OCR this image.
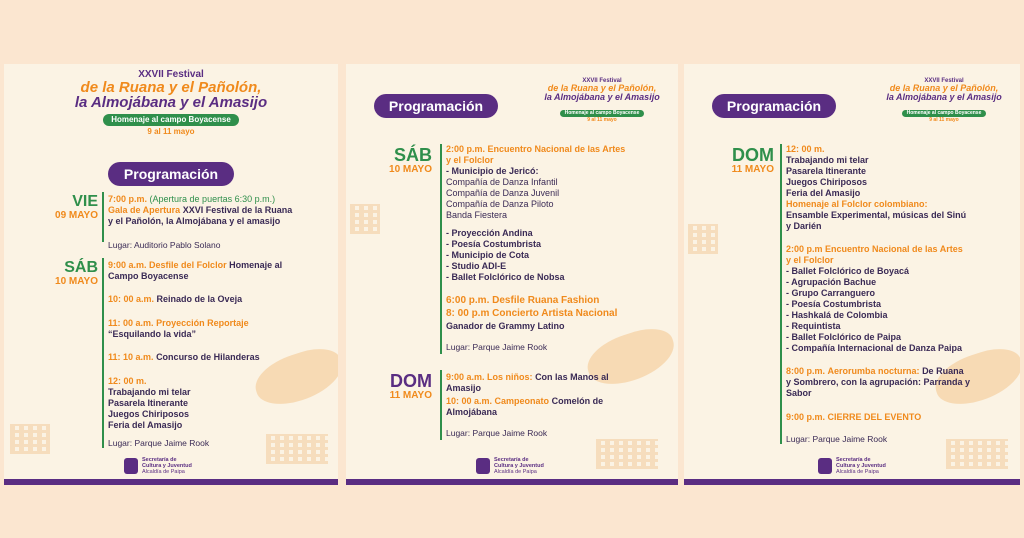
XXVII Festival
de la Ruana y el Pañolón,
la Almojábana y el Amasijo
Homenaje al campo Boyacense
9 al 11 mayo
Programación
VIE
09 MAYO
7:00 p.m. (Apertura de puertas 6:30 p.m.)
Gala de Apertura XXVI Festival de la Ruana
y el Pañolón, la Almojábana y el amasijo
Lugar: Auditorio Pablo Solano
SÁB
10 MAYO
9:00 a.m. Desfile del Folclor Homenaje al
Campo Boyacense
10: 00 a.m. Reinado de la Oveja
11: 00 a.m. Proyección Reportaje
“Esquilando la vida”
11: 10 a.m. Concurso de Hilanderas
12: 00 m.
Trabajando mi telar
Pasarela Itinerante
Juegos Chiriposos
Feria del Amasijo
Lugar: Parque Jaime Rook
Secretaría de
Cultura y Juventud
Alcaldía de Paipa
Programación
XXVII Festival
de la Ruana y el Pañolón,
la Almojábana y el Amasijo
Homenaje al campo Boyacense
9 al 11 mayo
SÁB
10 MAYO
2:00 p.m. Encuentro Nacional de las Artes
y el Folclor
- Municipio de Jericó:
Compañía de Danza Infantil
Compañía de Danza Juvenil
Compañía de Danza Piloto
Banda Fiestera
- Proyección Andina
- Poesía Costumbrista
- Municipio de Cota
- Studio ADI-E
- Ballet Folclórico de Nobsa
6:00 p.m. Desfile Ruana Fashion
8: 00 p.m Concierto Artista Nacional
Ganador de Grammy Latino
Lugar: Parque Jaime Rook
DOM
11 MAYO
9:00 a.m. Los niños: Con las Manos al
Amasijo
10: 00 a.m. Campeonato Comelón de
Almojábana
Lugar: Parque Jaime Rook
Secretaría de
Cultura y Juventud
Alcaldía de Paipa
Programación
XXVII Festival
de la Ruana y el Pañolón,
la Almojábana y el Amasijo
Homenaje al campo Boyacense
9 al 11 mayo
DOM
11 MAYO
12: 00 m.
Trabajando mi telar
Pasarela Itinerante
Juegos Chiriposos
Feria del Amasijo
Homenaje al Folclor colombiano:
Ensamble Experimental, músicas del Sinú
y Darién
2:00 p.m Encuentro Nacional de las Artes
y el Folclor
- Ballet Folclórico de Boyacá
- Agrupación Bachue
- Grupo Carranguero
- Poesía Costumbrista
- Hashkalá de Colombia
- Requintista
- Ballet Folclórico de Paipa
- Compañía Internacional de Danza Paipa
8:00 p.m. Aerorumba nocturna: De Ruana
y Sombrero, con la agrupación: Parranda y
Sabor
9:00 p.m. CIERRE DEL EVENTO
Lugar: Parque Jaime Rook
Secretaría de
Cultura y Juventud
Alcaldía de Paipa
